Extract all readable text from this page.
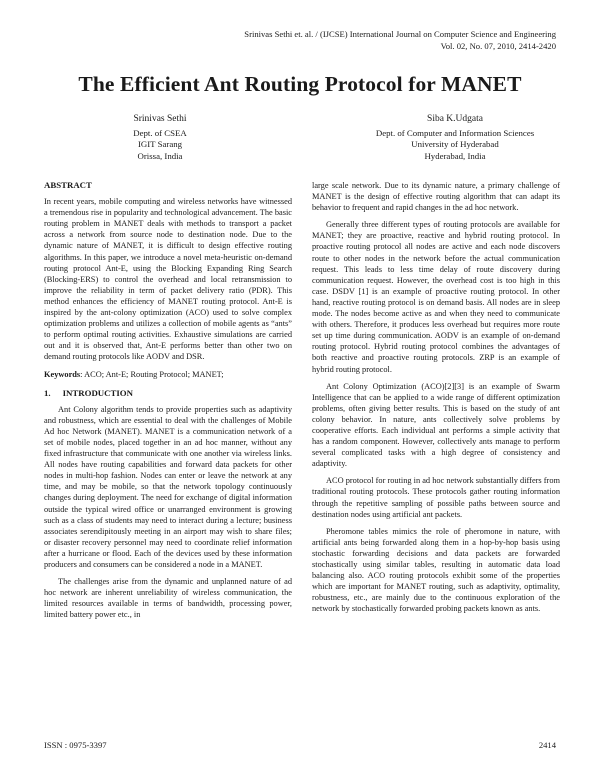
Srinivas Sethi et. al. / (IJCSE) International Journal on Computer Science and Engineering
Vol. 02, No. 07, 2010, 2414-2420
The Efficient Ant Routing Protocol for MANET
Srinivas Sethi
Dept. of CSEA
IGIT Sarang
Orissa, India
Siba K.Udgata
Dept. of Computer and Information Sciences
University of Hyderabad
Hyderabad, India
ABSTRACT

In recent years, mobile computing and wireless networks have witnessed a tremendous rise in popularity and technological advancement. The basic routing problem in MANET deals with methods to transport a packet across a network from source node to destination node. Due to the dynamic nature of MANET, it is difficult to design effective routing algorithms. In this paper, we introduce a novel meta-heuristic on-demand routing protocol Ant-E, using the Blocking Expanding Ring Search (Blocking-ERS) to control the overhead and local retransmission to improve the reliability in term of packet delivery ratio (PDR). This method enhances the efficiency of MANET routing protocol. Ant-E is inspired by the ant-colony optimization (ACO) used to solve complex optimization problems and utilizes a collection of mobile agents as “ants” to perform optimal routing activities. Exhaustive simulations are carried out and it is observed that, Ant-E performs better than other two on demand routing protocols like AODV and DSR.

Keywords: ACO; Ant-E; Routing Protocol; MANET;
1. INTRODUCTION

Ant Colony algorithm tends to provide properties such as adaptivity and robustness, which are essential to deal with the challenges of Mobile Ad hoc Network (MANET). MANET is a communication network of a set of mobile nodes, placed together in an ad hoc manner, without any fixed infrastructure that communicate with one another via wireless links. All nodes have routing capabilities and forward data packets for other nodes in multi-hop fashion. Nodes can enter or leave the network at any time, and may be mobile, so that the network topology continuously changes during deployment. The need for exchange of digital information outside the typical wired office or unarranged environment is growing such as a class of students may need to interact during a lecture; business associates serendipitously meeting in an airport may wish to share files; or disaster recovery personnel may need to coordinate relief information after a hurricane or flood. Each of the devices used by these information producers and consumers can be considered a node in a MANET.

The challenges arise from the dynamic and unplanned nature of ad hoc network are inherent unreliability of wireless communication, the limited resources available in terms of bandwidth, processing power, limited battery power etc., in

large scale network. Due to its dynamic nature, a primary challenge of MANET is the design of effective routing algorithm that can adapt its behavior to frequent and rapid changes in the ad hoc network.

Generally three different types of routing protocols are available for MANET; they are proactive, reactive and hybrid routing protocol. In proactive routing protocol all nodes are active and each node discovers route to other nodes in the network before the actual communication request. This leads to less time delay of route discovery during communication request. However, the overhead cost is too high in this case. DSDV [1] is an example of proactive routing protocol. In other hand, reactive routing protocol is on demand basis. All nodes are in sleep mode. The nodes become active as and when they need to communicate with others. Therefore, it produces less overhead but requires more route set up time during communication. AODV is an example of on-demand routing protocol. Hybrid routing protocol combines the advantages of both reactive and proactive routing protocols. ZRP is an example of hybrid routing protocol.

Ant Colony Optimization (ACO)[2][3] is an example of Swarm Intelligence that can be applied to a wide range of different optimization problems, often giving better results. This is based on the study of ant colony behavior. In nature, ants collectively solve problems by cooperative efforts. Each individual ant performs a simple activity that has a random component. However, collectively ants manage to perform several complicated tasks with a high degree of consistency and adaptivity.

ACO protocol for routing in ad hoc network substantially differs from traditional routing protocols. These protocols gather routing information through the repetitive sampling of possible paths between source and destination nodes using artificial ant packets.

Pheromone tables mimics the role of pheromone in nature, with artificial ants being forwarded along them in a hop-by-hop basis using stochastic forwarding decisions and data packets are forwarded stochastically using similar tables, resulting in automatic data load balancing also. ACO routing protocols exhibit some of the properties which are important for MANET routing, such as adaptivity, optimality, robustness, etc., are mainly due to the continuous exploration of the network by stochastically forwarded probing packets known as ants.

ISSN : 0975-3397	2414
